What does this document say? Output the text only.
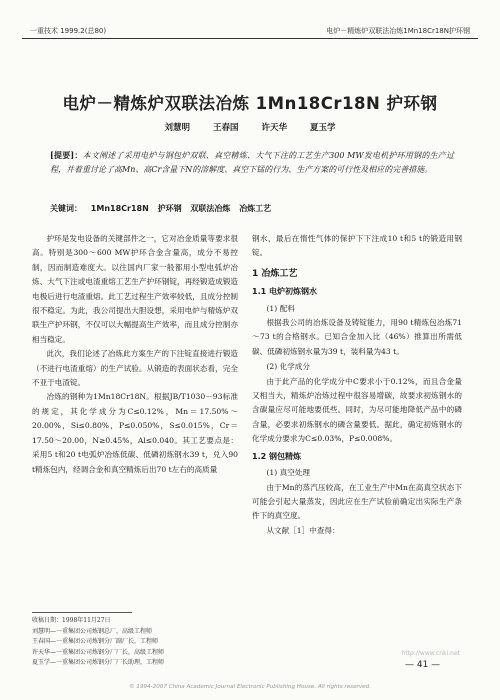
一重技术 1999.2(总80)	电炉－精炼炉双联法冶炼1Mn18Cr18N护环钢
电炉－精炼炉双联法冶炼 1Mn18Cr18N 护环钢
刘慧明	王春国	许天华	夏玉学
[提要]：本文阐述了采用电炉与钢包炉双联、真空精炼、大气下注的工艺生产300 MW发电机护环用钢的生产过程，并着重讨论了高Mn、高Cr含量下N的溶解度、真空下锰的行为、生产方案的可行性及相应的完善措施。
关键词： 1Mn18Cr18N 护环钢 双联法冶炼 冶炼工艺

护环是发电设备的关键部件之一，它对冶金质量等要求很高。特别是300～600 MW护环合金含量高，成分不易控制，因而制造难度大。以往国内厂家一般都用小型电弧炉冶炼、大气下注或电渣重熔工艺生产护环钢锭，再经锻造成锻造电极后进行电渣重熔。此工艺过程生产效率较低，且成分控制很不稳定。为此，我公司提出大胆设想，采用电炉与精炼炉双联生产护环钢，不仅可以大幅提高生产效率，而且成分控制亦相当稳定。

此次，我们论述了冶炼此方案生产的下注锭直接进行锻造（不进行电渣重熔）的生产试验。从锻造的表面状态看，完全不亚于电渣锭。

冶炼的钢种为1Mn18Cr18N。根据JB/T1030－93标准的规定，其化学成分为C≤0.12%，Mn＝17.50%～20.00%，Si≤0.80%，P≤0.050%，S≤0.015%，Cr＝17.50～20.00，N≥0.45%，Al≤0.040。其工艺要点是：采用5 t和20 t电弧炉冶炼低碳、低磷初炼钢水39 t，兑入90 t精炼包内，经调合金和真空精炼后出70 t左右的高质量

收稿日期：1998年11月27日
刘慧明—一重集团公司炼钢总厂，高级工程师
王春国—一重集团公司炼钢分厂副厂长，工程师
许天华—一重集团公司炼钢分厂厂长，高级工程师
夏玉学—一重集团公司炼钢分厂厂长助理，工程师

钢水，最后在惰性气体的保护下下注成10 t和5 t的锻造用钢锭。

1 冶炼工艺
1.1 电炉初炼钢水
(1) 配料

根据我公司的冶炼设备及铸锭能力，用90 t精炼包冶炼71～73 t的合格钢水。已知合金加入比（46%）推算出所需低碳、低磷初炼钢水量为39 t，装料量为43 t。

(2) 化学成分

由于此产品的化学成分中C要求小于0.12%，而且合金量又相当大，精炼炉冶炼过程中很容易增碳，故要求初炼钢水的含碳量应尽可能地要低些。同时，为尽可能地降低产品中的磷含量，必要求初炼钢水的磷含量要低。据此，确定初炼钢水的化学成分要求为C≤0.03%，P≤0.008%。

1.2 钢包精炼
(1) 真空处理

由于Mn的蒸汽压较高，在工业生产中Mn在高真空状态下可能会引起大量蒸发，因此应在生产试验前确定出实际生产条件下的真空度。

从文献［1］中查得：

— 41 —
http://www.cnki.net
© 1994-2007 China Academic Journal Electronic Publishing House. All rights reserved.
